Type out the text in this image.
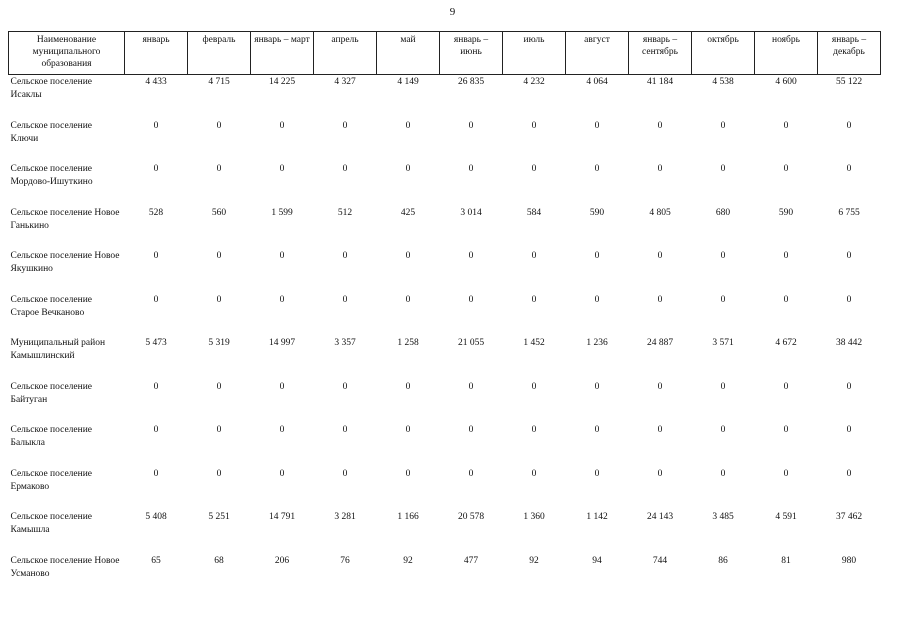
9
Наименование муниципального образования	январь	февраль	январь – март	апрель	май	январь – июнь	июль	август	январь – сентябрь	октябрь	ноябрь	январь – декабрь
Сельское поселение Исаклы	4 433	4 715	14 225	4 327	4 149	26 835	4 232	4 064	41 184	4 538	4 600	55 122
Сельское поселение Ключи	0	0	0	0	0	0	0	0	0	0	0	0
Сельское поселение Мордово-Ишуткино	0	0	0	0	0	0	0	0	0	0	0	0
Сельское поселение Новое Ганькино	528	560	1 599	512	425	3 014	584	590	4 805	680	590	6 755
Сельское поселение Новое Якушкино	0	0	0	0	0	0	0	0	0	0	0	0
Сельское поселение Старое Вечканово	0	0	0	0	0	0	0	0	0	0	0	0
Муниципальный район Камышлинский	5 473	5 319	14 997	3 357	1 258	21 055	1 452	1 236	24 887	3 571	4 672	38 442
Сельское поселение Байтуган	0	0	0	0	0	0	0	0	0	0	0	0
Сельское поселение Балыкла	0	0	0	0	0	0	0	0	0	0	0	0
Сельское поселение Ермаково	0	0	0	0	0	0	0	0	0	0	0	0
Сельское поселение Камышла	5 408	5 251	14 791	3 281	1 166	20 578	1 360	1 142	24 143	3 485	4 591	37 462
Сельское поселение Новое Усманово	65	68	206	76	92	477	92	94	744	86	81	980
